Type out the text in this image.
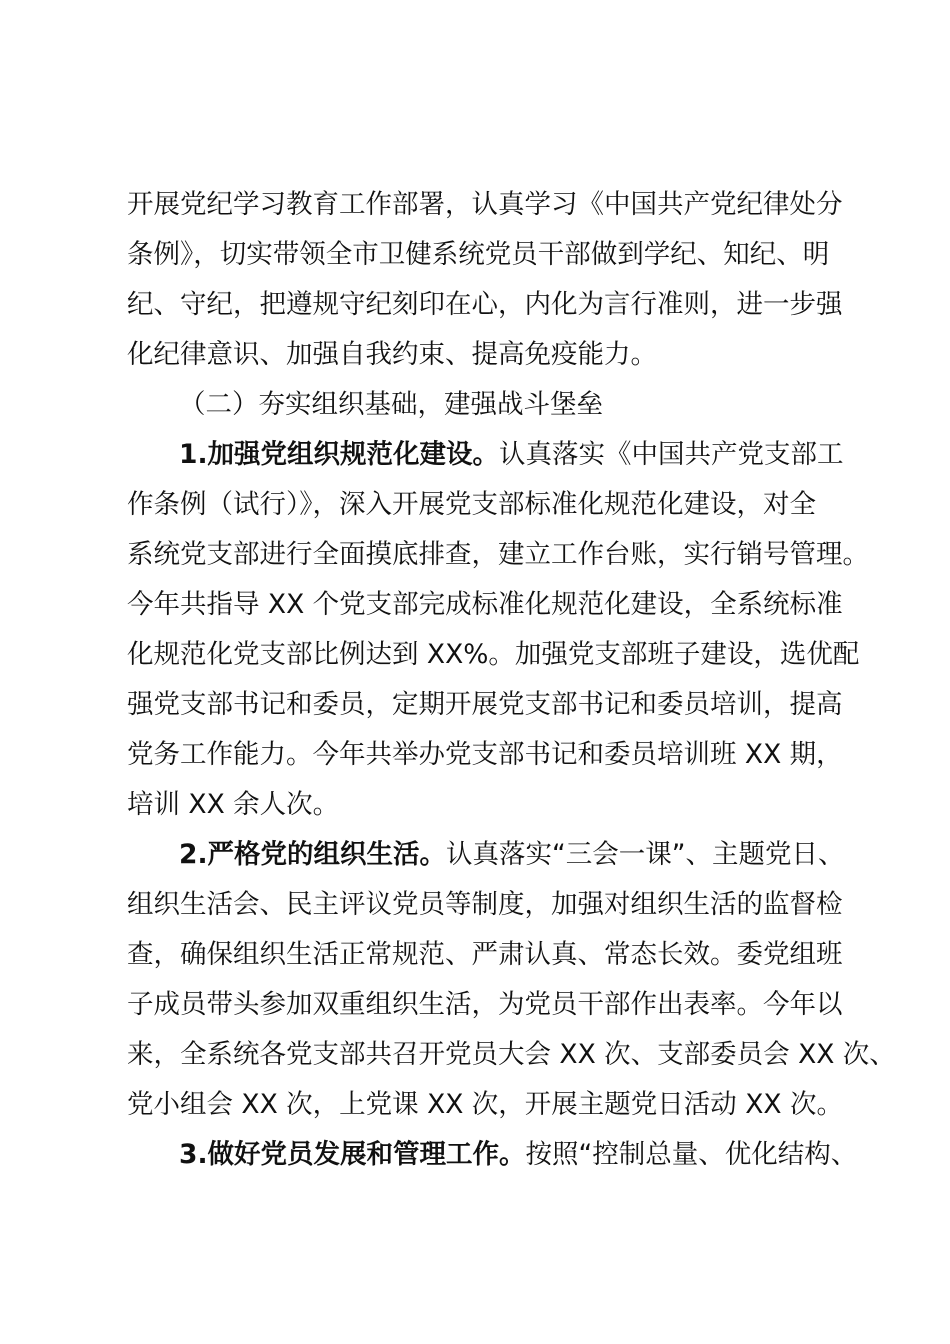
开展党纪学习教育工作部署，认真学习《中国共产党纪律处分

条例》，切实带领全市卫健系统党员干部做到学纪、知纪、明

纪、守纪，把遵规守纪刻印在心，内化为言行准则，进一步强

化纪律意识、加强自我约束、提高免疫能力。

（二）夯实组织基础，建强战斗堡垒

1.加强党组织规范化建设。认真落实《中国共产党支部工

作条例（试行）》，深入开展党支部标准化规范化建设，对全

系统党支部进行全面摸底排查，建立工作台账，实行销号管理。

今年共指导 XX 个党支部完成标准化规范化建设，全系统标准

化规范化党支部比例达到 XX%。加强党支部班子建设，选优配

强党支部书记和委员，定期开展党支部书记和委员培训，提高

党务工作能力。今年共举办党支部书记和委员培训班 XX 期，

培训 XX 余人次。

2.严格党的组织生活。认真落实“三会一课”、主题党日、

组织生活会、民主评议党员等制度，加强对组织生活的监督检

查，确保组织生活正常规范、严肃认真、常态长效。委党组班

子成员带头参加双重组织生活，为党员干部作出表率。今年以

来，全系统各党支部共召开党员大会 XX 次、支部委员会 XX 次、

党小组会 XX 次，上党课 XX 次，开展主题党日活动 XX 次。

3.做好党员发展和管理工作。按照“控制总量、优化结构、
